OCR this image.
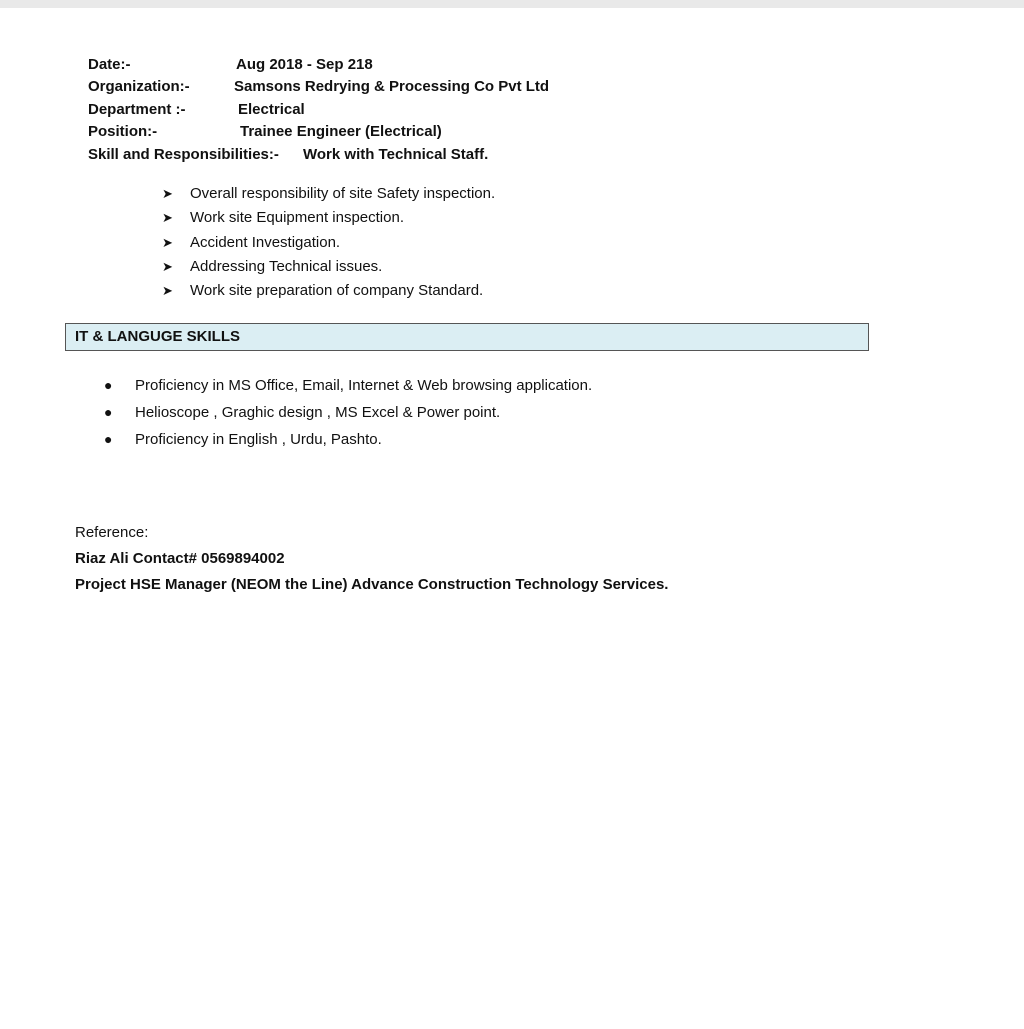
Date:-	Aug 2018 - Sep 218
Organization:-	Samsons Redrying & Processing Co Pvt Ltd
Department :-	Electrical
Position:-	Trainee Engineer (Electrical)
Skill and Responsibilities:- Work with Technical Staff.
➤ Overall responsibility of site Safety inspection.
➤ Work site Equipment inspection.
➤ Accident Investigation.
➤ Addressing Technical issues.
➤ Work site preparation of company Standard.
IT & LANGUGE SKILLS
● Proficiency in MS Office, Email, Internet & Web browsing application.
● Helioscope , Graghic design , MS Excel & Power point.
● Proficiency in English , Urdu, Pashto.
Reference:
Riaz Ali Contact# 0569894002
Project HSE Manager (NEOM the Line) Advance Construction Technology Services.
